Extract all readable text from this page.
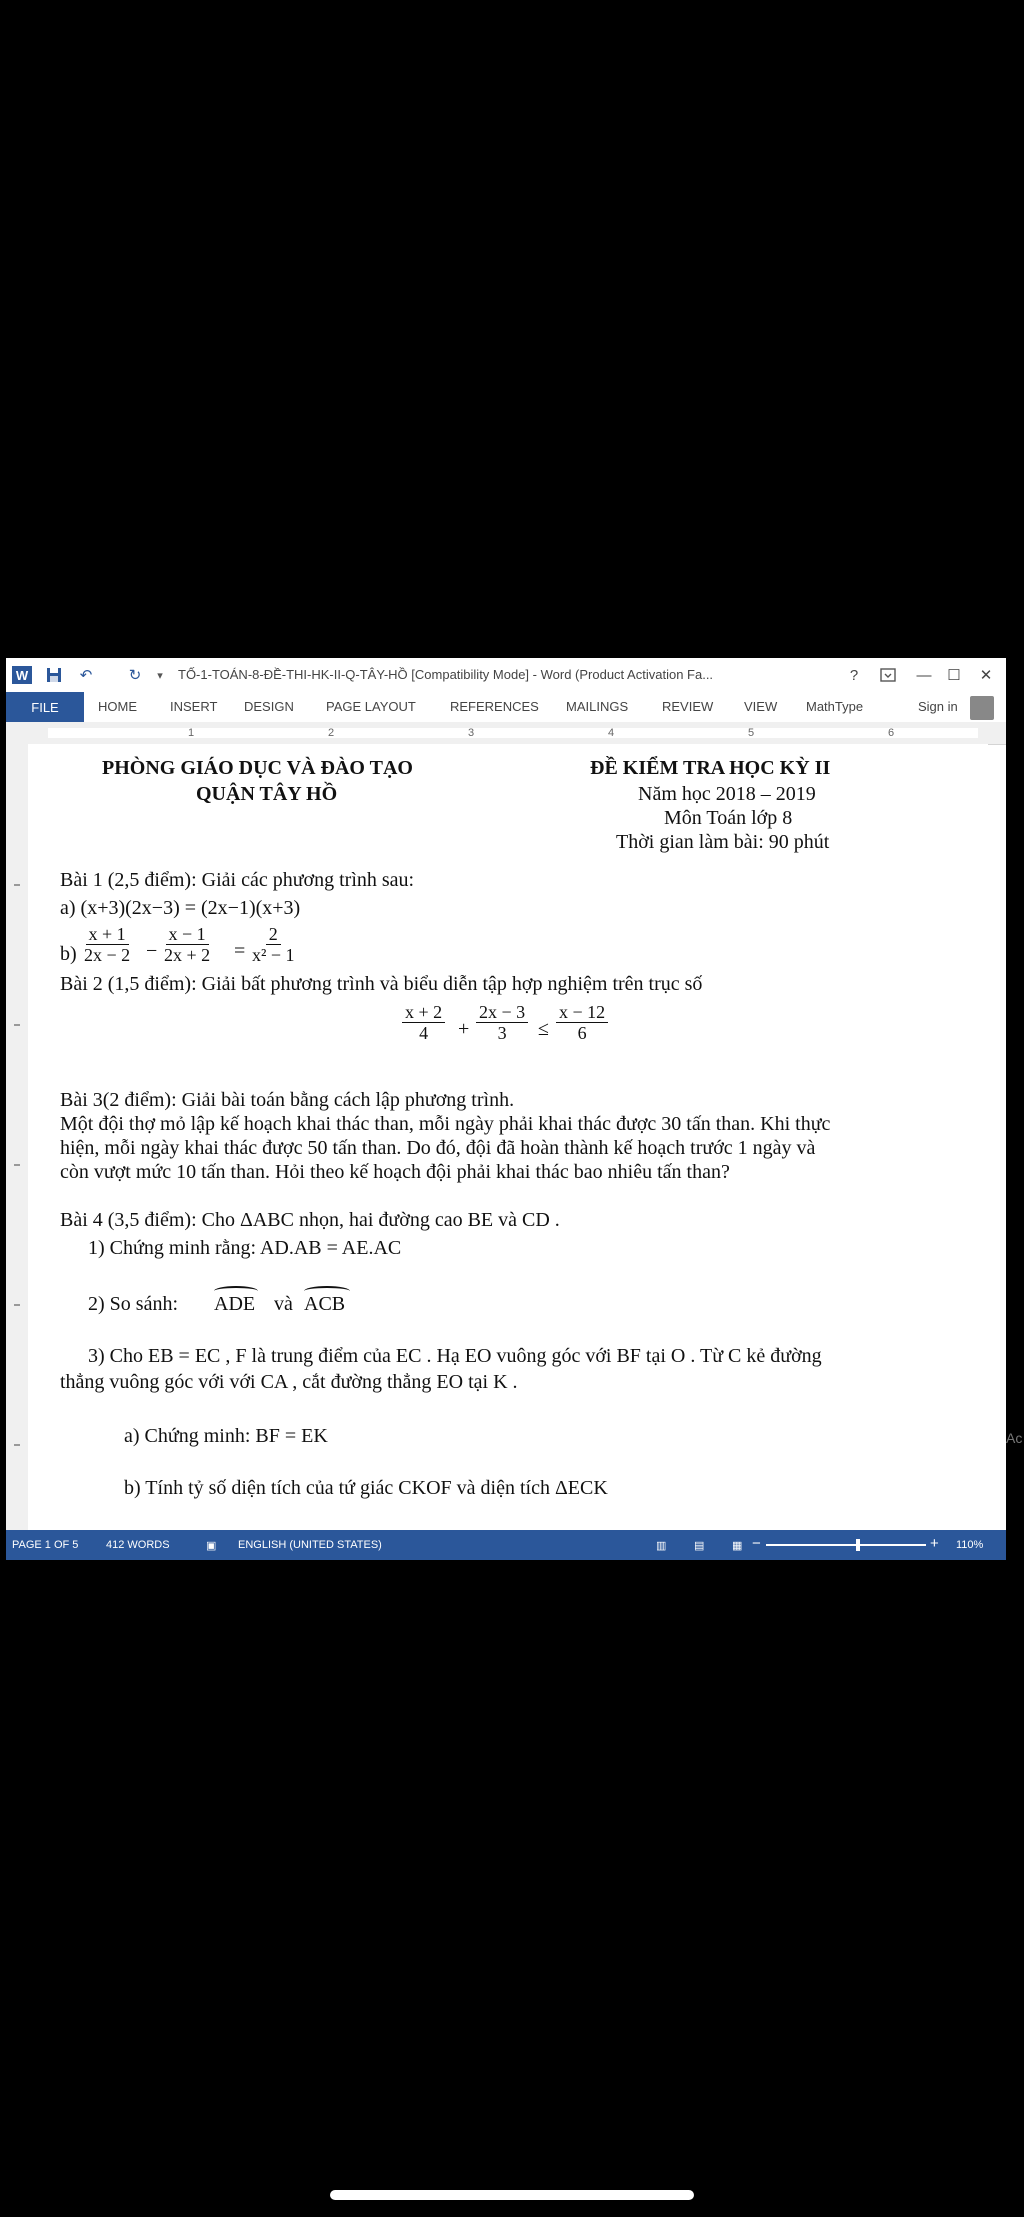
W	↶ ↻ ▾ TỐ-1-TOÁN-8-ĐỀ-THI-HK-II-Q-TÂY-HỒ [Compatibility Mode] - Word (Product Activation Fa...	?	—	☐	✕
FILE	HOME	INSERT DESIGN PAGE LAYOUT	REFERENCES MAILINGS	REVIEW VIEW MathType	Sign in
1	2	3	4	5	6
PHÒNG GIÁO DỤC VÀ ĐÀO TẠO
QUẬN TÂY HỒ
ĐỀ KIỂM TRA HỌC KỲ II
Năm học 2018 – 2019
Môn Toán lớp 8
Thời gian làm bài: 90 phút
Bài 1 (2,5 điểm): Giải các phương trình sau:
a) (x+3)(2x−3) = (2x−1)(x+3)
$b) \frac{x + 1}{2x - 2} - \frac{x - 1}{2x + 2} = \frac{2}{\text{x² − 1}}$
Bài 2 (1,5 điểm): Giải bất phương trình và biểu diễn tập hợp nghiệm trên trục số
$\frac{x + 2}{4} + \frac{2x - 3}{3} \le \frac{x - 12}{6}$
Bài 3(2 điểm): Giải bài toán bằng cách lập phương trình.
Một đội thợ mỏ lập kế hoạch khai thác than, mỗi ngày phải khai thác được 30 tấn than. Khi thực
hiện, mỗi ngày khai thác được 50 tấn than. Do đó, đội đã hoàn thành kế hoạch trước 1 ngày và
còn vượt mức 10 tấn than. Hỏi theo kế hoạch đội phải khai thác bao nhiêu tấn than?
Bài 4 (3,5 điểm): Cho ΔABC nhọn, hai đường cao BE và CD .
1) Chứng minh rằng: AD.AB = AE.AC
2) So sánh: ADE và ACB
3) Cho EB = EC , F là trung điểm của EC . Hạ EO vuông góc với BF tại O . Từ C kẻ đường
thẳng vuông góc với với CA , cắt đường thẳng EO tại K .
a) Chứng minh: BF = EK
b) Tính tỷ số diện tích của tứ giác CKOF và diện tích ΔECK
PAGE 1 OF 5	412 WORDS	▣ ENGLISH (UNITED STATES)	▥	▤	▦ −	+ 110%
Ac
